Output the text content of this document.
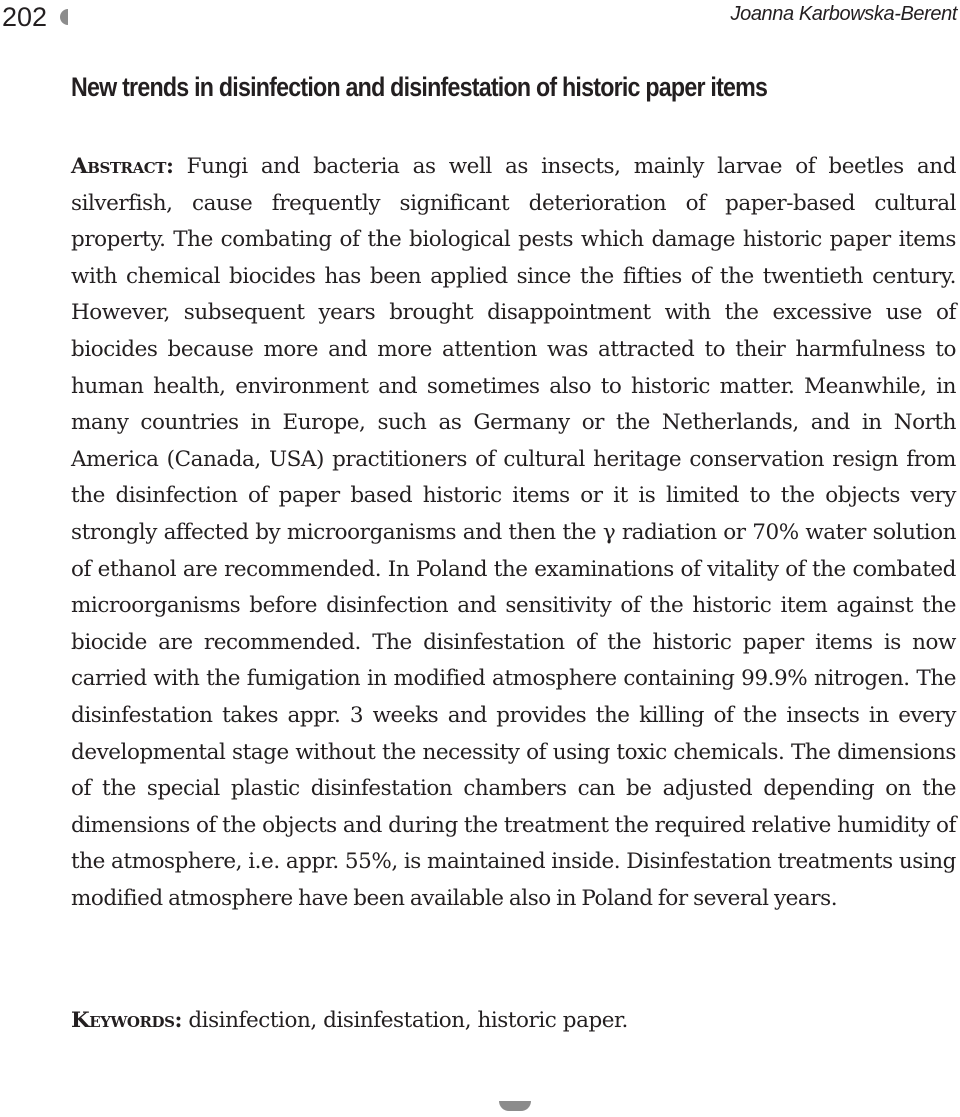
202	Joanna Karbowska-Berent
New trends in disinfection and disinfestation of historic paper items

Abstract: Fungi and bacteria as well as insects, mainly larvae of beetles and silverfish, cause frequently significant deterioration of paper-based cultural property. The combating of the biological pests which damage historic paper items with chemical biocides has been applied since the fifties of the twentieth century. However, subsequent years brought disappointment with the excessive use of biocides because more and more attention was attracted to their harmfulness to human health, environment and sometimes also to historic matter. Meanwhile, in many countries in Europe, such as Germany or the Netherlands, and in North America (Canada, USA) practitioners of cultural heritage conservation resign from the disinfection of paper based historic items or it is limited to the objects very strongly affected by microorganisms and then the γ radiation or 70% water solution of ethanol are recommended. In Poland the examinations of vitality of the combated microorganisms before disinfection and sensitivity of the historic item against the biocide are recommended. The disinfestation of the historic paper items is now carried with the fumigation in modified atmosphere containing 99.9% nitrogen. The disinfestation takes appr. 3 weeks and provides the killing of the insects in every developmental stage without the necessity of using toxic chemicals. The dimensions of the special plastic disinfestation chambers can be adjusted depending on the dimensions of the objects and during the treatment the required relative humidity of the atmosphere, i.e. appr. 55%, is maintained inside. Disinfestation treatments using modified atmosphere have been available also in Poland for several years.

Keywords: disinfection, disinfestation, historic paper.
